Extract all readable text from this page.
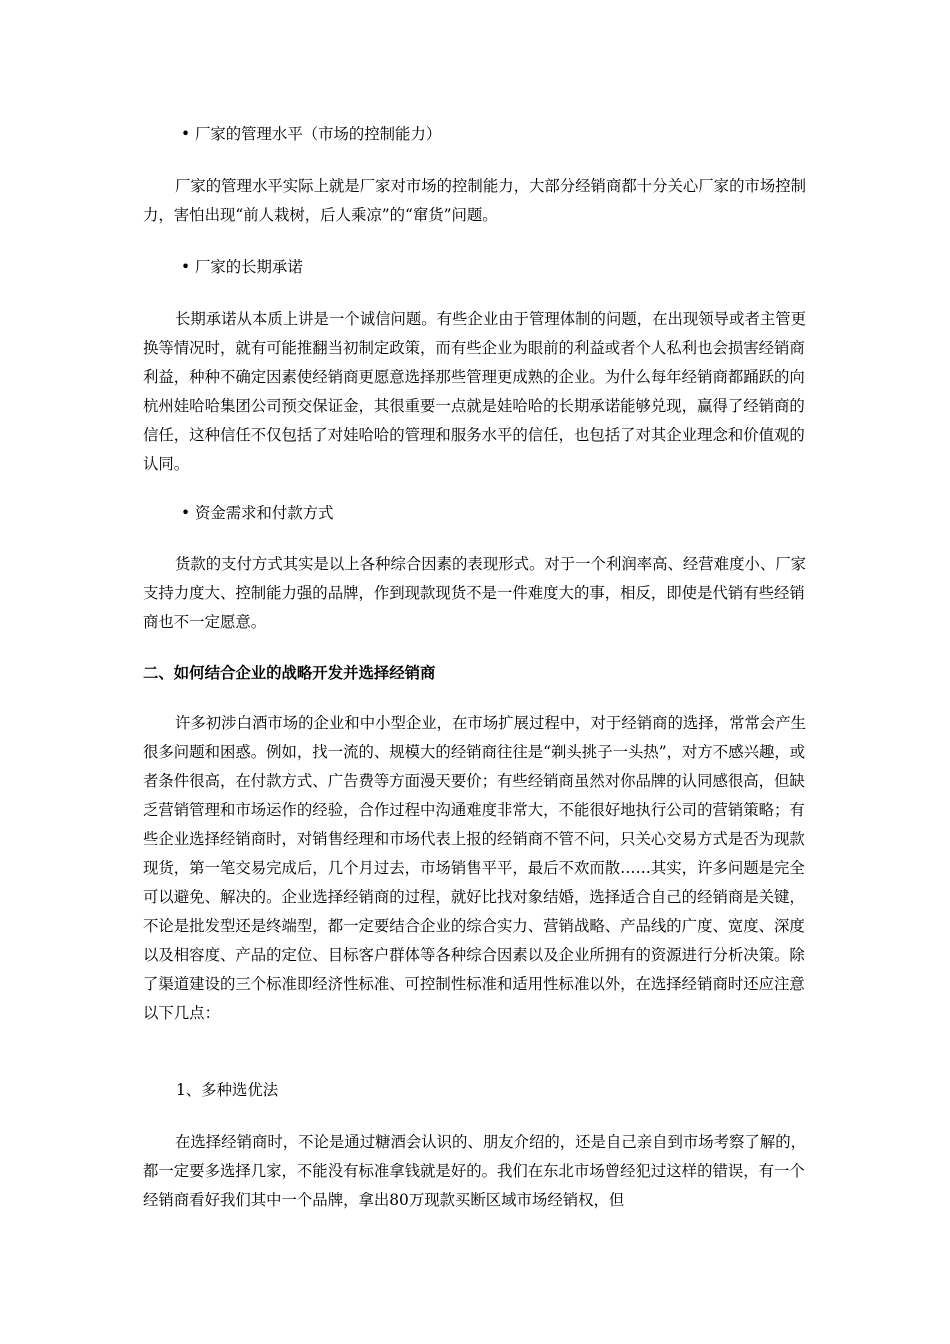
• 厂家的管理水平（市场的控制能力）

厂家的管理水平实际上就是厂家对市场的控制能力，大部分经销商都十分关心厂家的市场控制力，害怕出现“前人栽树，后人乘凉”的“窜货”问题。

• 厂家的长期承诺

长期承诺从本质上讲是一个诚信问题。有些企业由于管理体制的问题，在出现领导或者主管更换等情况时，就有可能推翻当初制定政策，而有些企业为眼前的利益或者个人私利也会损害经销商利益，种种不确定因素使经销商更愿意选择那些管理更成熟的企业。为什么每年经销商都踊跃的向杭州娃哈哈集团公司预交保证金，其很重要一点就是娃哈哈的长期承诺能够兑现，赢得了经销商的信任，这种信任不仅包括了对娃哈哈的管理和服务水平的信任，也包括了对其企业理念和价值观的认同。

• 资金需求和付款方式

货款的支付方式其实是以上各种综合因素的表现形式。对于一个利润率高、经营难度小、厂家支持力度大、控制能力强的品牌，作到现款现货不是一件难度大的事，相反，即使是代销有些经销商也不一定愿意。

二、如何结合企业的战略开发并选择经销商

许多初涉白酒市场的企业和中小型企业，在市场扩展过程中，对于经销商的选择，常常会产生很多问题和困惑。例如，找一流的、规模大的经销商往往是“剃头挑子一头热”，对方不感兴趣，或者条件很高，在付款方式、广告费等方面漫天要价；有些经销商虽然对你品牌的认同感很高，但缺乏营销管理和市场运作的经验，合作过程中沟通难度非常大，不能很好地执行公司的营销策略；有些企业选择经销商时，对销售经理和市场代表上报的经销商不管不问，只关心交易方式是否为现款现货，第一笔交易完成后，几个月过去，市场销售平平，最后不欢而散……其实，许多问题是完全可以避免、解决的。企业选择经销商的过程，就好比找对象结婚，选择适合自己的经销商是关键，不论是批发型还是终端型，都一定要结合企业的综合实力、营销战略、产品线的广度、宽度、深度以及相容度、产品的定位、目标客户群体等各种综合因素以及企业所拥有的资源进行分析决策。除了渠道建设的三个标准即经济性标准、可控制性标准和适用性标准以外，在选择经销商时还应注意以下几点：

1、多种选优法

在选择经销商时，不论是通过糖酒会认识的、朋友介绍的，还是自己亲自到市场考察了解的，都一定要多选择几家，不能没有标准拿钱就是好的。我们在东北市场曾经犯过这样的错误，有一个经销商看好我们其中一个品牌，拿出80万现款买断区域市场经销权，但
